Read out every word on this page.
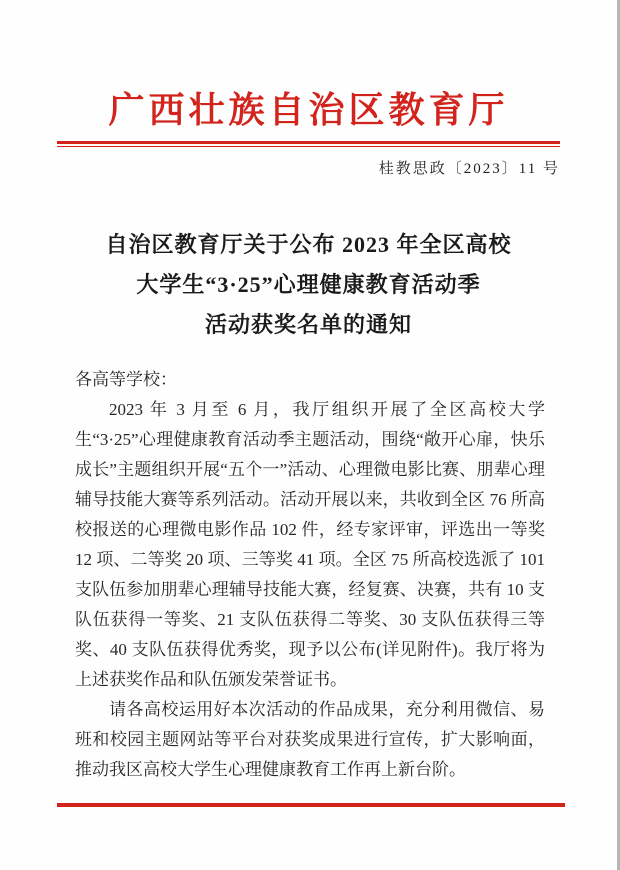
广西壮族自治区教育厅
桂教思政〔2023〕11 号
自治区教育厅关于公布 2023 年全区高校
大学生“3·25”心理健康教育活动季
活动获奖名单的通知
各高等学校：
2023 年 3 月至 6 月，我厅组织开展了全区高校大学生“3·25”心理健康教育活动季主题活动，围绕“敞开心扉，快乐成长”主题组织开展“五个一”活动、心理微电影比赛、朋辈心理辅导技能大赛等系列活动。活动开展以来，共收到全区 76 所高校报送的心理微电影作品 102 件，经专家评审，评选出一等奖 12 项、二等奖 20 项、三等奖 41 项。全区 75 所高校选派了 101 支队伍参加朋辈心理辅导技能大赛，经复赛、决赛，共有 10 支队伍获得一等奖、21 支队伍获得二等奖、30 支队伍获得三等奖、40 支队伍获得优秀奖，现予以公布(详见附件)。我厅将为上述获奖作品和队伍颁发荣誉证书。
请各高校运用好本次活动的作品成果，充分利用微信、易班和校园主题网站等平台对获奖成果进行宣传，扩大影响面，推动我区高校大学生心理健康教育工作再上新台阶。
